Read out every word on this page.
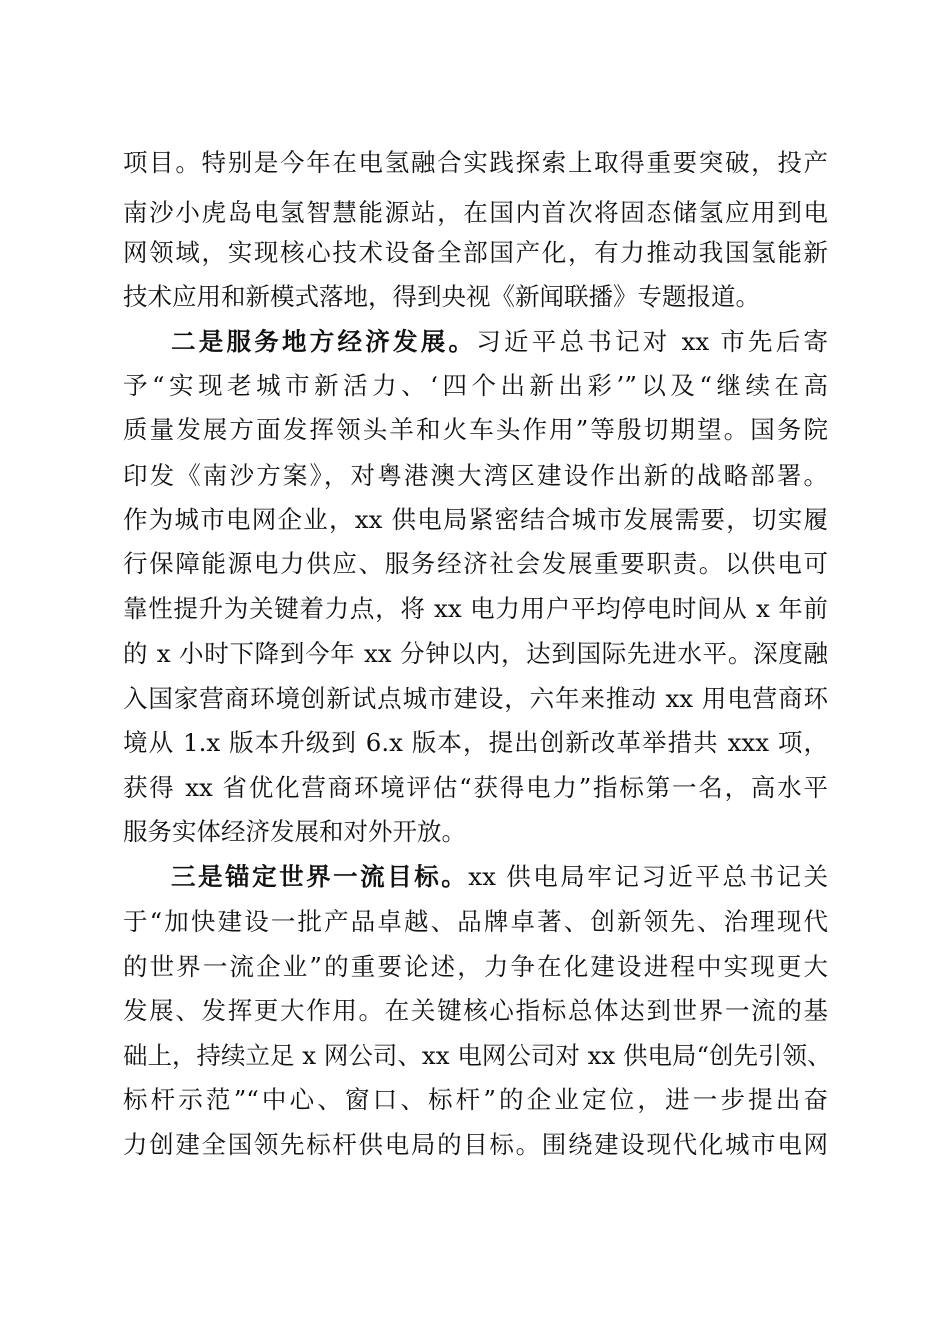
项目。特别是今年在电氢融合实践探索上取得重要突破，投产
南沙小虎岛电氢智慧能源站，在国内首次将固态储氢应用到电
网领域，实现核心技术设备全部国产化，有力推动我国氢能新
技术应用和新模式落地，得到央视《新闻联播》专题报道。
二是服务地方经济发展。习近平总书记对 xx 市先后寄
予“实现老城市新活力、‘四个出新出彩’”以及“继续在高
质量发展方面发挥领头羊和火车头作用”等殷切期望。国务院
印发《南沙方案》，对粤港澳大湾区建设作出新的战略部署。
作为城市电网企业，xx 供电局紧密结合城市发展需要，切实履
行保障能源电力供应、服务经济社会发展重要职责。以供电可
靠性提升为关键着力点，将 xx 电力用户平均停电时间从 x 年前
的 x 小时下降到今年 xx 分钟以内，达到国际先进水平。深度融
入国家营商环境创新试点城市建设，六年来推动 xx 用电营商环
境从 1.x 版本升级到 6.x 版本，提出创新改革举措共 xxx 项，
获得 xx 省优化营商环境评估“获得电力”指标第一名，高水平
服务实体经济发展和对外开放。
三是锚定世界一流目标。xx 供电局牢记习近平总书记关
于“加快建设一批产品卓越、品牌卓著、创新领先、治理现代
的世界一流企业”的重要论述，力争在化建设进程中实现更大
发展、发挥更大作用。在关键核心指标总体达到世界一流的基
础上，持续立足 x 网公司、xx 电网公司对 xx 供电局“创先引领、
标杆示范”“中心、窗口、标杆”的企业定位，进一步提出奋
力创建全国领先标杆供电局的目标。围绕建设现代化城市电网
